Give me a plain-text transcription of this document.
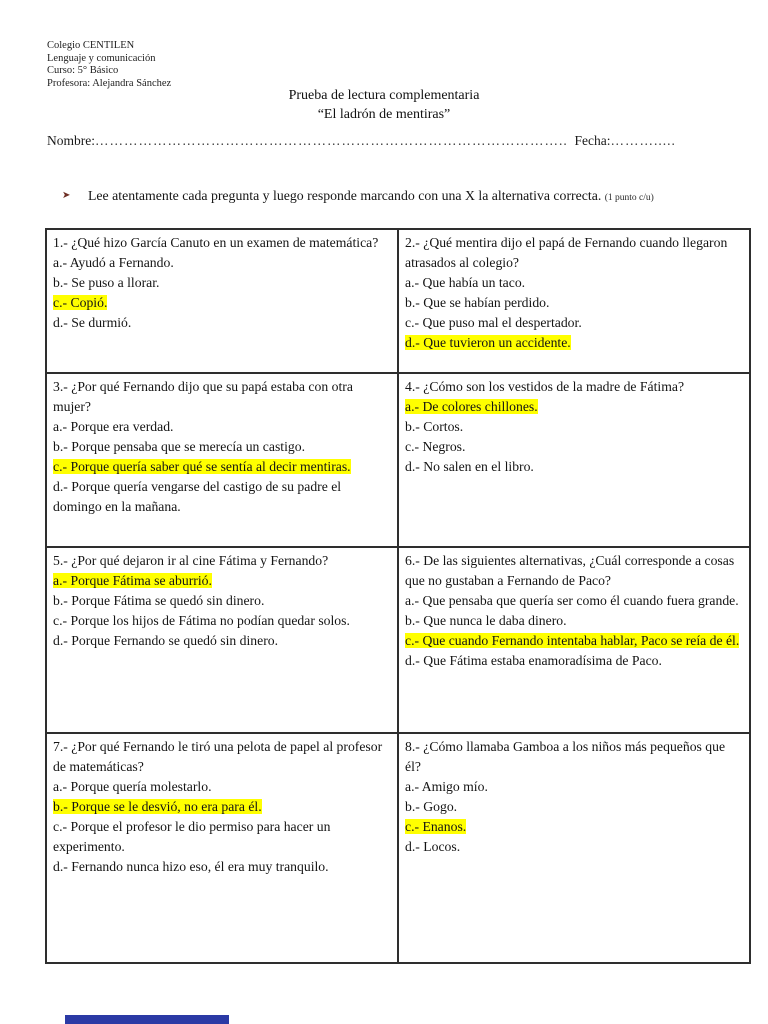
Colegio CENTILEN
Lenguaje y comunicación
Curso: 5° Básico
Profesora: Alejandra Sánchez
Prueba de lectura complementaria
“El ladrón de mentiras”
Nombre:…………………………………………………………………………………….. Fecha:……….....
➤	Lee atentamente cada pregunta y luego responde marcando con una X la alternativa correcta. (1 punto c/u)

1.- ¿Qué hizo García Canuto en un examen de matemática?

a.- Ayudó a Fernando.
b.- Se puso a llorar.
c.- Copió.
d.- Se durmió.

2.- ¿Qué mentira dijo el papá de Fernando cuando llegaron atrasados al colegio?

a.- Que había un taco.
b.- Que se habían perdido.
c.- Que puso mal el despertador.
d.- Que tuvieron un accidente.

3.- ¿Por qué Fernando dijo que su papá estaba con otra mujer?

a.- Porque era verdad.
b.- Porque pensaba que se merecía un castigo.
c.- Porque quería saber qué se sentía al decir mentiras.
d.- Porque quería vengarse del castigo de su padre el domingo en la mañana.

4.- ¿Cómo son los vestidos de la madre de Fátima?

a.- De colores chillones.
b.- Cortos.
c.- Negros.
d.- No salen en el libro.

5.- ¿Por qué dejaron ir al cine Fátima y Fernando?

a.- Porque Fátima se aburrió.
b.- Porque Fátima se quedó sin dinero.
c.- Porque los hijos de Fátima no podían quedar solos.
d.- Porque Fernando se quedó sin dinero.

6.- De las siguientes alternativas, ¿Cuál corresponde a cosas que no gustaban a Fernando de Paco?

a.- Que pensaba que quería ser como él cuando fuera grande.
b.- Que nunca le daba dinero.
c.- Que cuando Fernando intentaba hablar, Paco se reía de él.
d.- Que Fátima estaba enamoradísima de Paco.

7.- ¿Por qué Fernando le tiró una pelota de papel al profesor de matemáticas?

a.- Porque quería molestarlo.
b.- Porque se le desvió, no era para él.
c.- Porque el profesor le dio permiso para hacer un experimento.
d.- Fernando nunca hizo eso, él era muy tranquilo.

8.- ¿Cómo llamaba Gamboa a los niños más pequeños que él?

a.- Amigo mío.
b.- Gogo.
c.- Enanos.
d.- Locos.
